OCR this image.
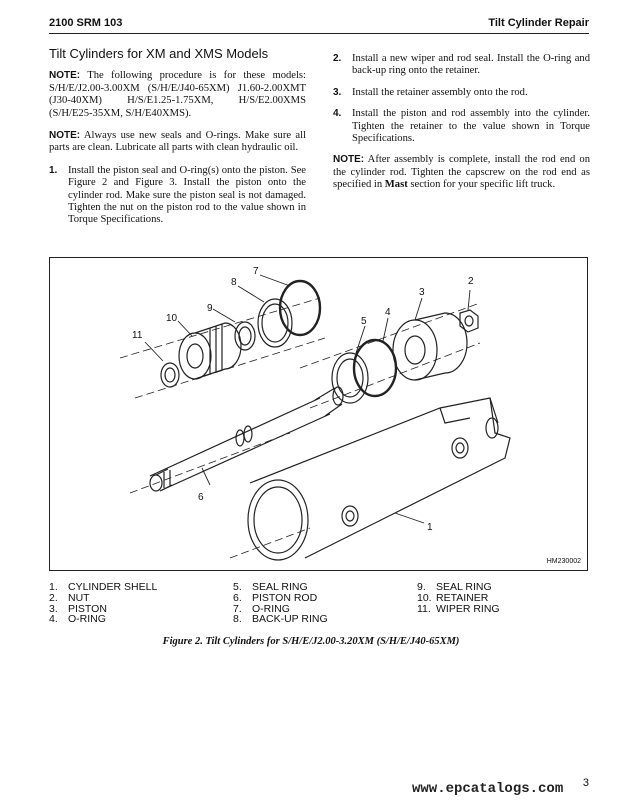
2100 SRM 103	Tilt Cylinder Repair
Tilt Cylinders for XM and XMS Models

NOTE: The following procedure is for these models: S/H/E/J2.00-3.00XM (S/H/E/J40-65XM) J1.60-2.00XMT (J30-40XM) H/S/E1.25-1.75XM, H/S/E2.00XMS (S/H/E25-35XM, S/H/E40XMS).

NOTE: Always use new seals and O-rings. Make sure all parts are clean. Lubricate all parts with clean hydraulic oil.

1. Install the piston seal and O-ring(s) onto the piston. See Figure 2 and Figure 3. Install the piston onto the cylinder rod. Make sure the piston seal is not damaged. Tighten the nut on the piston rod to the value shown in Torque Specifications.
2. Install a new wiper and rod seal. Install the O-ring and back-up ring onto the retainer.
3. Install the retainer assembly onto the rod.
4. Install the piston and rod assembly into the cylinder. Tighten the retainer to the value shown in Torque Specifications.

NOTE: After assembly is complete, install the rod end on the cylinder rod. Tighten the capscrew on the rod end as specified in Mast section for your specific lift truck.

7
8
9
10
11
5
4
3
2
6
1
HM230002
1. CYLINDER SHELL
2. NUT
3. PISTON
4. O-RING
5. SEAL RING
6. PISTON ROD
7. O-RING
8. BACK-UP RING
9. SEAL RING
10. RETAINER
11. WIPER RING
Figure 2. Tilt Cylinders for S/H/E/J2.00-3.20XM (S/H/E/J40-65XM)
www.epcatalogs.com 3
